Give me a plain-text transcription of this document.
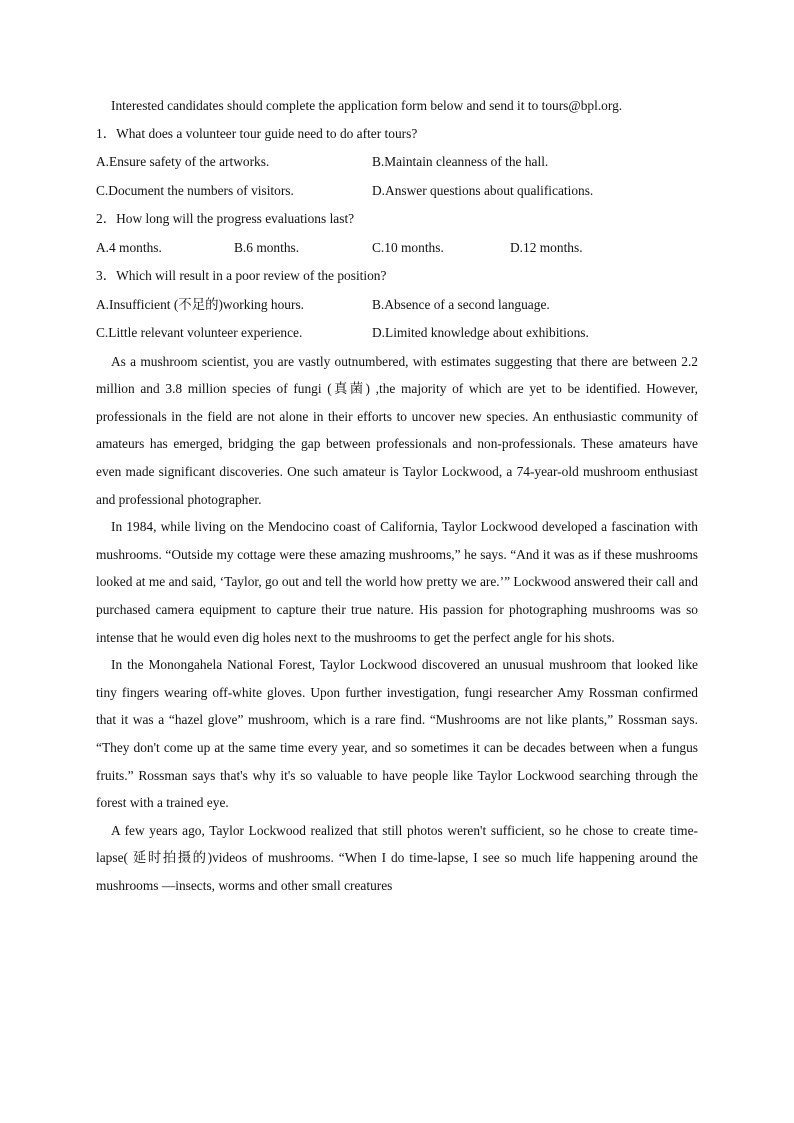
Interested candidates should complete the application form below and send it to tours@bpl.org.

1．What does a volunteer tour guide need to do after tours?

A.Ensure safety of the artworks.	B.Maintain cleanness of the hall.
C.Document the numbers of visitors.	D.Answer questions about qualifications.

2．How long will the progress evaluations last?

A.4 months.	B.6 months.	C.10 months.	D.12 months.

3．Which will result in a poor review of the position?

A.Insufficient (不足的)working hours.	B.Absence of a second language.
C.Little relevant volunteer experience.	D.Limited knowledge about exhibitions.

As a mushroom scientist, you are vastly outnumbered, with estimates suggesting that there are between 2.2 million and 3.8 million species of fungi (真菌) ,the majority of which are yet to be identified. However, professionals in the field are not alone in their efforts to uncover new species. An enthusiastic community of amateurs has emerged, bridging the gap between professionals and non-professionals. These amateurs have even made significant discoveries. One such amateur is Taylor Lockwood, a 74-year-old mushroom enthusiast and professional photographer.

In 1984, while living on the Mendocino coast of California, Taylor Lockwood developed a fascination with mushrooms. “Outside my cottage were these amazing mushrooms,” he says. “And it was as if these mushrooms looked at me and said, ‘Taylor, go out and tell the world how pretty we are.’” Lockwood answered their call and purchased camera equipment to capture their true nature. His passion for photographing mushrooms was so intense that he would even dig holes next to the mushrooms to get the perfect angle for his shots.

In the Monongahela National Forest, Taylor Lockwood discovered an unusual mushroom that looked like tiny fingers wearing off-white gloves. Upon further investigation, fungi researcher Amy Rossman confirmed that it was a “hazel glove” mushroom, which is a rare find. “Mushrooms are not like plants,” Rossman says. “They don't come up at the same time every year, and so sometimes it can be decades between when a fungus fruits.” Rossman says that's why it's so valuable to have people like Taylor Lockwood searching through the forest with a trained eye.

A few years ago, Taylor Lockwood realized that still photos weren't sufficient, so he chose to create time-lapse( 延时拍摄的)videos of mushrooms. “When I do time-lapse, I see so much life happening around the mushrooms —insects, worms and other small creatures
